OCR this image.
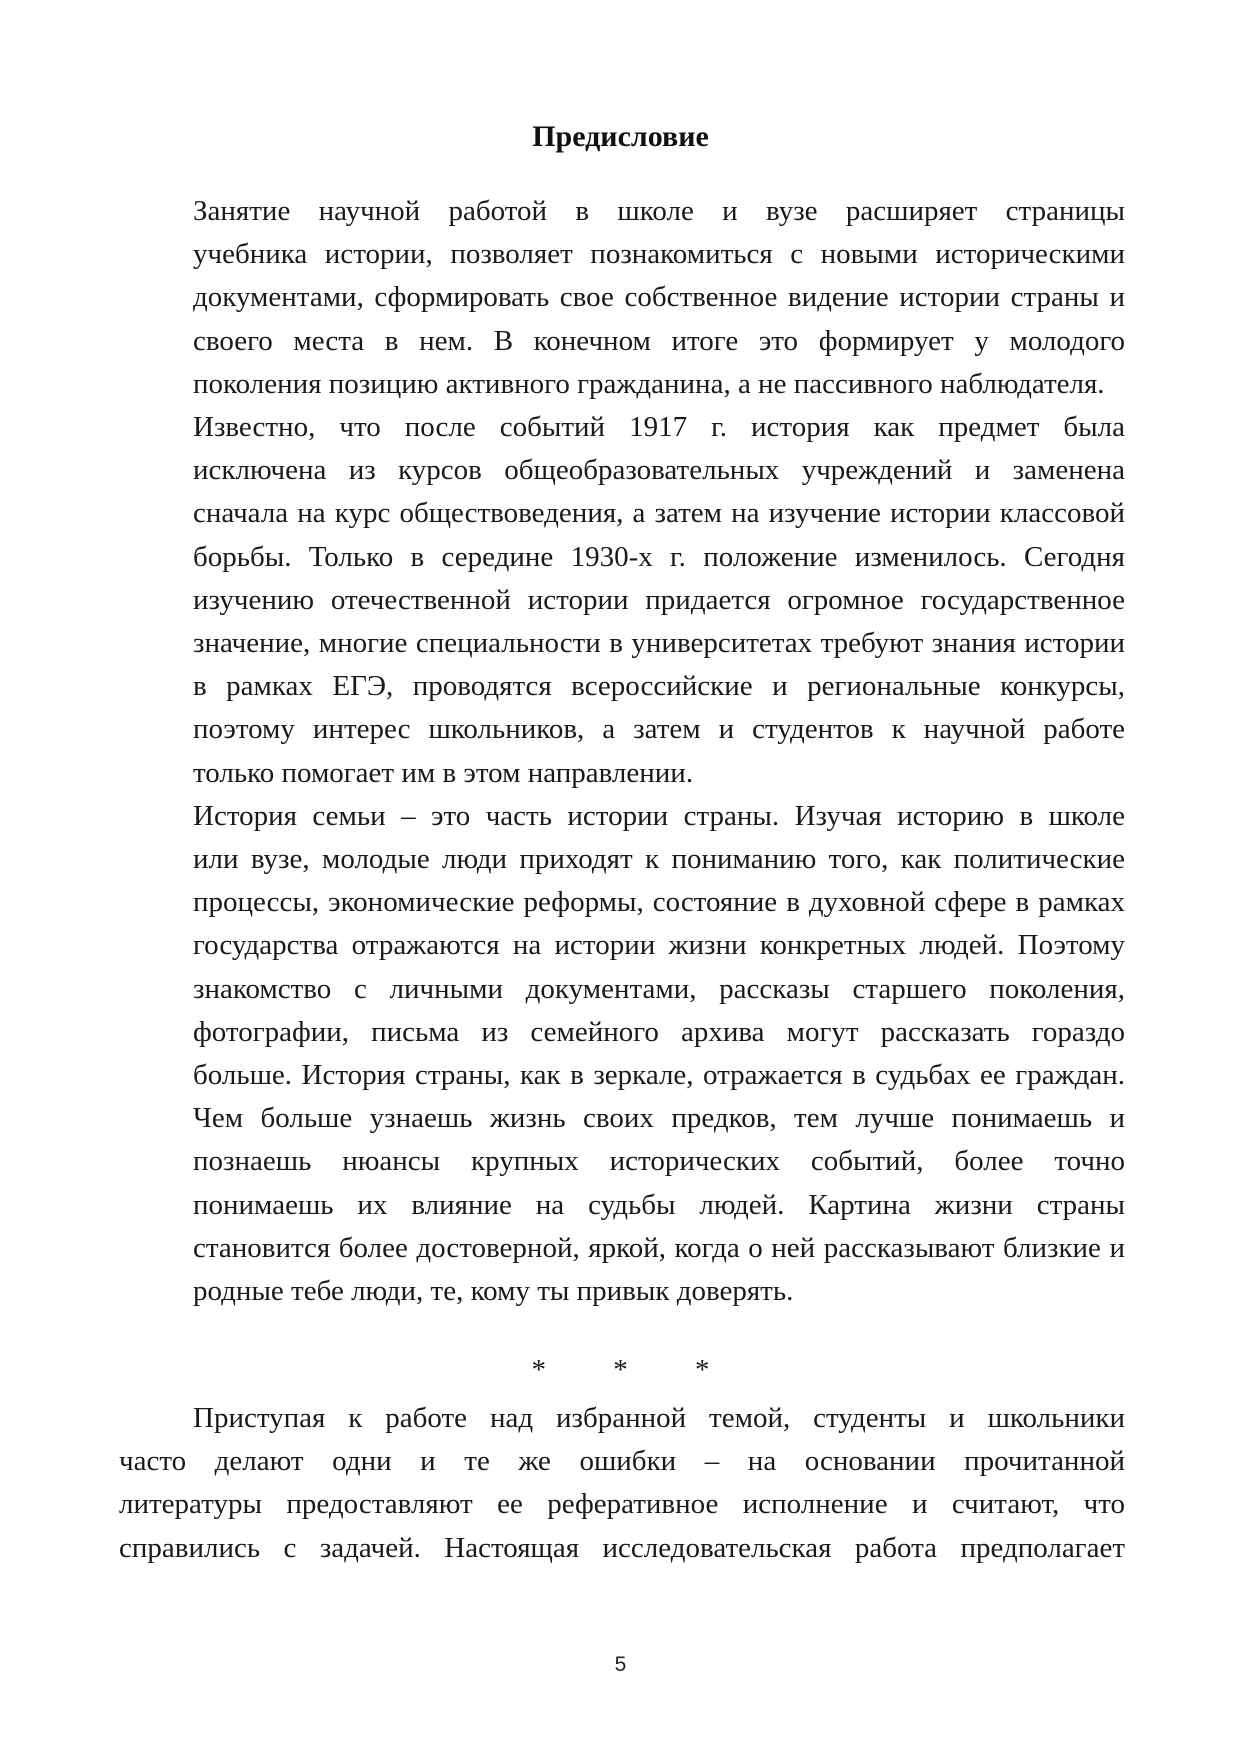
Предисловие

Занятие научной работой в школе и вузе расширяет страницы
учебника истории, позволяет познакомиться с новыми историческими
документами, сформировать свое собственное видение истории страны и
своего места в нем. В конечном итоге это формирует у молодого
поколения позицию активного гражданина, а не пассивного наблюдателя.

Известно, что после событий 1917 г. история как предмет была
исключена из курсов общеобразовательных учреждений и заменена
сначала на курс обществоведения, а затем на изучение истории классовой
борьбы. Только в середине 1930-х г. положение изменилось. Сегодня
изучению отечественной истории придается огромное государственное
значение, многие специальности в университетах требуют знания истории
в рамках ЕГЭ, проводятся всероссийские и региональные конкурсы,
поэтому интерес школьников, а затем и студентов к научной работе
только помогает им в этом направлении.

История семьи – это часть истории страны. Изучая историю в школе
или вузе, молодые люди приходят к пониманию того, как политические
процессы, экономические реформы, состояние в духовной сфере в рамках
государства отражаются на истории жизни конкретных людей. Поэтому
знакомство с личными документами, рассказы старшего поколения,
фотографии, письма из семейного архива могут рассказать гораздо
больше. История страны, как в зеркале, отражается в судьбах ее граждан.
Чем больше узнаешь жизнь своих предков, тем лучше понимаешь и
познаешь нюансы крупных исторических событий, более точно
понимаешь их влияние на судьбы людей. Картина жизни страны
становится более достоверной, яркой, когда о ней рассказывают близкие и
родные тебе люди, те, кому ты привык доверять.

* * *

Приступая к работе над избранной темой, студенты и школьники
часто делают одни и те же ошибки – на основании прочитанной
литературы предоставляют ее реферативное исполнение и считают, что
справились с задачей. Настоящая исследовательская работа предполагает

5
